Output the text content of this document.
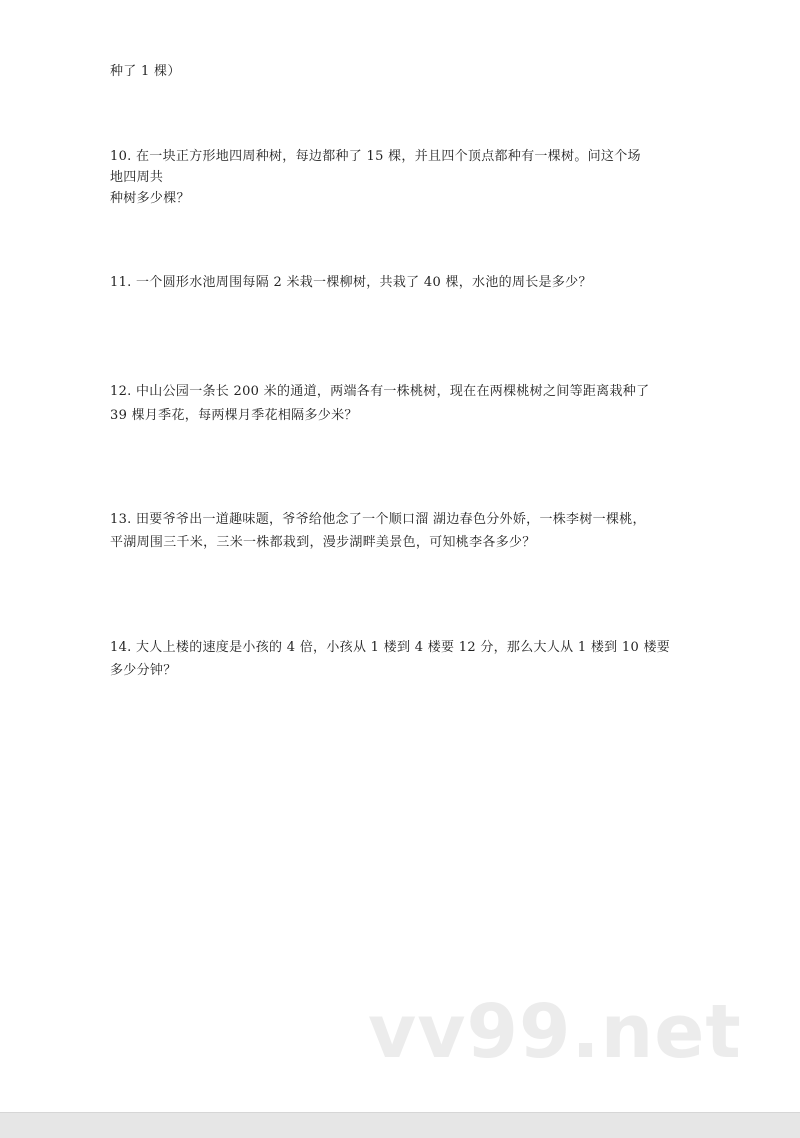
种了 1 棵）
10. 在一块正方形地四周种树，每边都种了 15 棵，并且四个顶点都种有一棵树。问这个场
地四周共
种树多少棵？
11. 一个圆形水池周围每隔 2 米栽一棵柳树，共栽了 40 棵，水池的周长是多少？
12. 中山公园一条长 200 米的通道，两端各有一株桃树，现在在两棵桃树之间等距离栽种了
39 棵月季花，每两棵月季花相隔多少米？
13. 田要爷爷出一道趣味题，爷爷给他念了一个顺口溜 湖边春色分外娇，一株李树一棵桃，
平湖周围三千米，三米一株都栽到，漫步湖畔美景色，可知桃李各多少？
14. 大人上楼的速度是小孩的 4 倍，小孩从 1 楼到 4 楼要 12 分，那么大人从 1 楼到 10 楼要
多少分钟？
vv99.net
